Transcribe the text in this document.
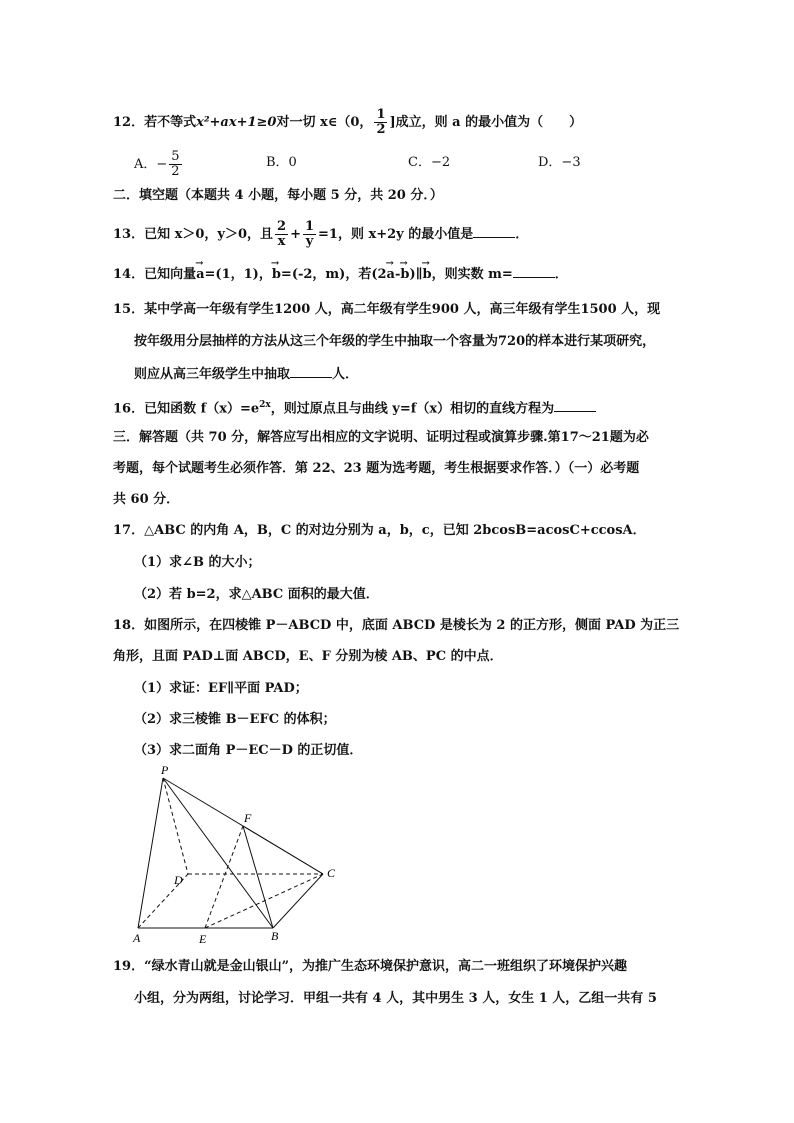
12．若不等式x²+ax+1≥0对一切 x∈（0， $\frac{1}{2}$ ]成立，则 a 的最小值为（　　）
A．− $\frac{5}{2}$	B．0	C．−2	D．−3
二．填空题（本题共 4 小题，每小题 5 分，共 20 分．）
13．已知 x＞0，y＞0，且 $\frac{2}{x} + \frac{1}{y} =1$，则 x+2y 的最小值是	．
14．已知向量→ a=(1，1)，→ b=(-2，m)，若(2→ a-→ b)∥→ b，则实数 m=	．
15．某中学高一年级有学生1200 人，高二年级有学生900 人，高三年级有学生1500 人，现
按年级用分层抽样的方法从这三个年级的学生中抽取一个容量为720的样本进行某项研究，
则应从高三年级学生中抽取	人．
16．已知函数 $f(x)=e^{2x}$，则过原点且与曲线 y=f（x）相切的直线方程为
三．解答题（共 70 分，解答应写出相应的文字说明、证明过程或演算步骤.第17～21题为必
考题，每个试题考生必须作答．第 22、23 题为选考题，考生根据要求作答．）（一）必考题
共 60 分．
17．△ABC 的内角 A，B，C 的对边分别为 a，b，c，已知 2bcosB=acosC+ccosA．
（1）求∠B 的大小；
（2）若 b=2，求△ABC 面积的最大值．
18．如图所示，在四棱锥 P－ABCD 中，底面 ABCD 是棱长为 2 的正方形，侧面 PAD 为正三
角形，且面 PAD⊥面 ABCD，E、F 分别为棱 AB、PC 的中点．
（1）求证：EF∥平面 PAD；
（2）求三棱锥 B－EFC 的体积；
（3）求二面角 P－EC－D 的正切值．
P
F
D	C
A	E	B
19．“绿水青山就是金山银山”，为推广生态环境保护意识，高二一班组织了环境保护兴趣
小组，分为两组，讨论学习．甲组一共有 4 人，其中男生 3 人，女生 1 人，乙组一共有 5
